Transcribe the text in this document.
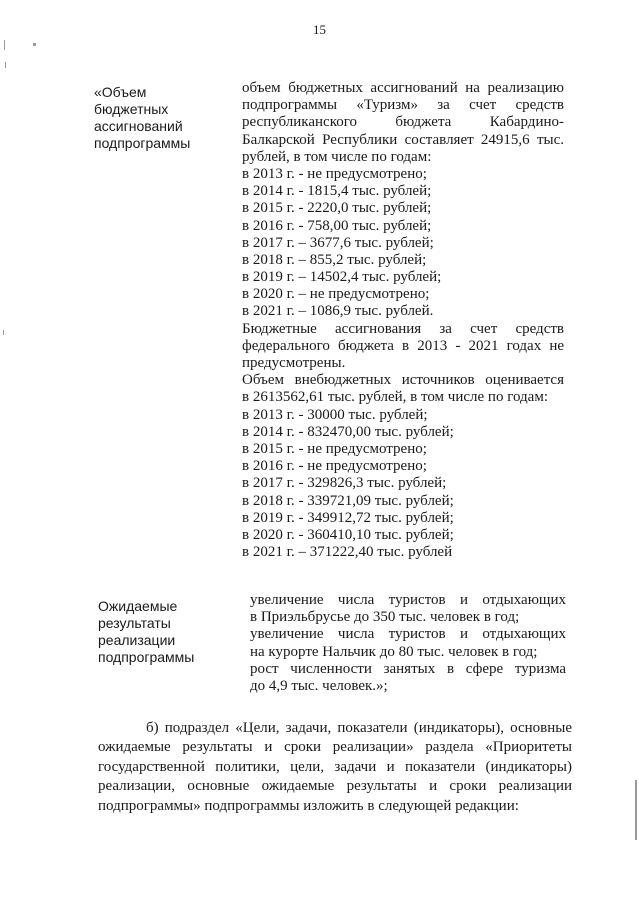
15
«Объем бюджетных
ассигнований
подпрограммы
объем бюджетных ассигнований на реализацию
подпрограммы «Туризм» за счет средств
республиканского бюджета Кабардино-
Балкарской Республики составляет 24915,6 тыс.
рублей, в том числе по годам:
в 2013 г. - не предусмотрено;
в 2014 г. - 1815,4 тыс. рублей;
в 2015 г. - 2220,0 тыс. рублей;
в 2016 г. - 758,00 тыс. рублей;
в 2017 г. – 3677,6 тыс. рублей;
в 2018 г. – 855,2 тыс. рублей;
в 2019 г. – 14502,4 тыс. рублей;
в 2020 г. – не предусмотрено;
в 2021 г. – 1086,9 тыс. рублей.
Бюджетные ассигнования за счет средств
федерального бюджета в 2013 - 2021 годах не
предусмотрены.
Объем внебюджетных источников оценивается
в 2613562,61 тыс. рублей, в том числе по годам:
в 2013 г. - 30000 тыс. рублей;
в 2014 г. - 832470,00 тыс. рублей;
в 2015 г. - не предусмотрено;
в 2016 г. - не предусмотрено;
в 2017 г. - 329826,3 тыс. рублей;
в 2018 г. - 339721,09 тыс. рублей;
в 2019 г. - 349912,72 тыс. рублей;
в 2020 г. - 360410,10 тыс. рублей;
в 2021 г. – 371222,40 тыс. рублей
Ожидаемые
результаты
реализации
подпрограммы
увеличение числа туристов и отдыхающих
в Приэльбрусье до 350 тыс. человек в год;
увеличение числа туристов и отдыхающих
на курорте Нальчик до 80 тыс. человек в год;
рост численности занятых в сфере туризма
до 4,9 тыс. человек.»;
б) подраздел «Цели, задачи, показатели (индикаторы), основные
ожидаемые результаты и сроки реализации» раздела «Приоритеты
государственной политики, цели, задачи и показатели (индикаторы)
реализации, основные ожидаемые результаты и сроки реализации
подпрограммы» подпрограммы изложить в следующей редакции:
